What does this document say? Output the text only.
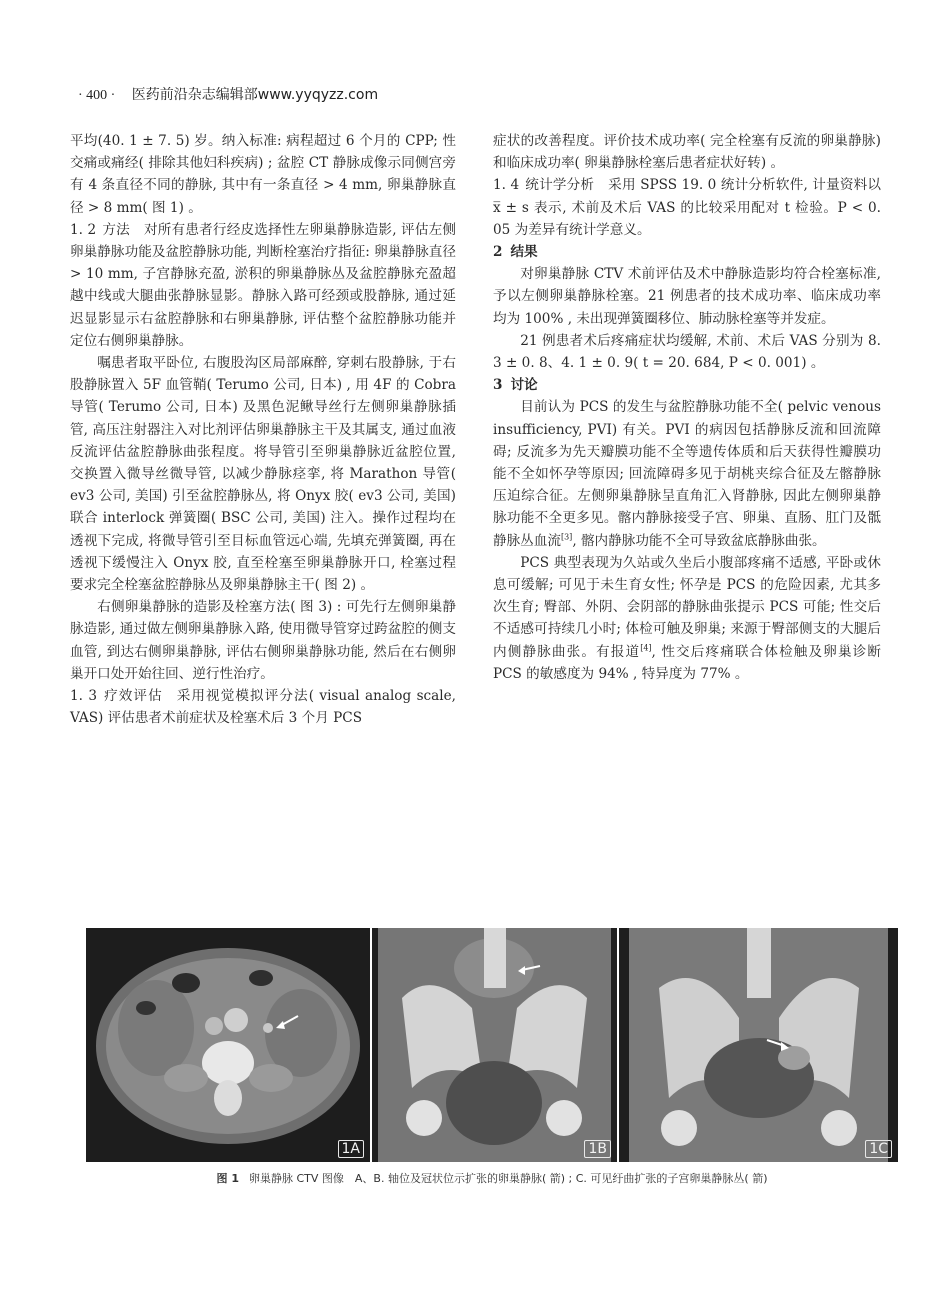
· 400 · 医药前沿杂志编辑部www.yyqyzz.com

平均(40. 1 ± 7. 5) 岁。纳入标准: 病程超过 6 个月的 CPP; 性交痛或痛经( 排除其他妇科疾病) ; 盆腔 CT 静脉成像示同侧宫旁有 4 条直径不同的静脉, 其中有一条直径 > 4 mm, 卵巢静脉直径 > 8 mm( 图 1) 。

1. 2 方法 对所有患者行经皮选择性左卵巢静脉造影, 评估左侧卵巢静脉功能及盆腔静脉功能, 判断栓塞治疗指征: 卵巢静脉直径 > 10 mm, 子宫静脉充盈, 淤积的卵巢静脉丛及盆腔静脉充盈超越中线或大腿曲张静脉显影。静脉入路可经颈或股静脉, 通过延迟显影显示右盆腔静脉和右卵巢静脉, 评估整个盆腔静脉功能并定位右侧卵巢静脉。

嘱患者取平卧位, 右腹股沟区局部麻醉, 穿刺右股静脉, 于右股静脉置入 5F 血管鞘( Terumo 公司, 日本) , 用 4F 的 Cobra 导管( Terumo 公司, 日本) 及黑色泥鳅导丝行左侧卵巢静脉插管, 高压注射器注入对比剂评估卵巢静脉主干及其属支, 通过血液反流评估盆腔静脉曲张程度。将导管引至卵巢静脉近盆腔位置, 交换置入微导丝微导管, 以减少静脉痉挛, 将 Marathon 导管( ev3 公司, 美国) 引至盆腔静脉丛, 将 Onyx 胶( ev3 公司, 美国) 联合 interlock 弹簧圈( BSC 公司, 美国) 注入。操作过程均在透视下完成, 将微导管引至目标血管远心端, 先填充弹簧圈, 再在透视下缓慢注入 Onyx 胶, 直至栓塞至卵巢静脉开口, 栓塞过程要求完全栓塞盆腔静脉丛及卵巢静脉主干( 图 2) 。

右侧卵巢静脉的造影及栓塞方法( 图 3) : 可先行左侧卵巢静脉造影, 通过做左侧卵巢静脉入路, 使用微导管穿过跨盆腔的侧支血管, 到达右侧卵巢静脉, 评估右侧卵巢静脉功能, 然后在右侧卵巢开口处开始往回、逆行性治疗。

1. 3 疗效评估 采用视觉模拟评分法( visual analog scale, VAS) 评估患者术前症状及栓塞术后 3 个月 PCS

症状的改善程度。评价技术成功率( 完全栓塞有反流的卵巢静脉) 和临床成功率( 卵巢静脉栓塞后患者症状好转) 。

1. 4 统计学分析 采用 SPSS 19. 0 统计分析软件, 计量资料以x̅ ± s 表示, 术前及术后 VAS 的比较采用配对 t 检验。P < 0. 05 为差异有统计学意义。

2 结果

对卵巢静脉 CTV 术前评估及术中静脉造影均符合栓塞标准, 予以左侧卵巢静脉栓塞。21 例患者的技术成功率、临床成功率均为 100% , 未出现弹簧圈移位、肺动脉栓塞等并发症。

21 例患者术后疼痛症状均缓解, 术前、术后 VAS 分别为 8. 3 ± 0. 8、4. 1 ± 0. 9( t = 20. 684, P < 0. 001) 。

3 讨论

目前认为 PCS 的发生与盆腔静脉功能不全( pelvic venous insufficiency, PVI) 有关。PVI 的病因包括静脉反流和回流障碍; 反流多为先天瓣膜功能不全等遗传体质和后天获得性瓣膜功能不全如怀孕等原因; 回流障碍多见于胡桃夹综合征及左髂静脉压迫综合征。左侧卵巢静脉呈直角汇入肾静脉, 因此左侧卵巢静脉功能不全更多见。髂内静脉接受子宫、卵巢、直肠、肛门及骶静脉丛血流[3], 髂内静脉功能不全可导致盆底静脉曲张。

PCS 典型表现为久站或久坐后小腹部疼痛不适感, 平卧或休息可缓解; 可见于未生育女性; 怀孕是 PCS 的危险因素, 尤其多次生育; 臀部、外阴、会阴部的静脉曲张提示 PCS 可能; 性交后不适感可持续几小时; 体检可触及卵巢; 来源于臀部侧支的大腿后内侧静脉曲张。有报道[4], 性交后疼痛联合体检触及卵巢诊断 PCS 的敏感度为 94% , 特异度为 77% 。

1A	1B	1C
图 1 卵巢静脉 CTV 图像　A、B. 轴位及冠状位示扩张的卵巢静脉( 箭) ; C. 可见纡曲扩张的子宫卵巢静脉丛( 箭)
